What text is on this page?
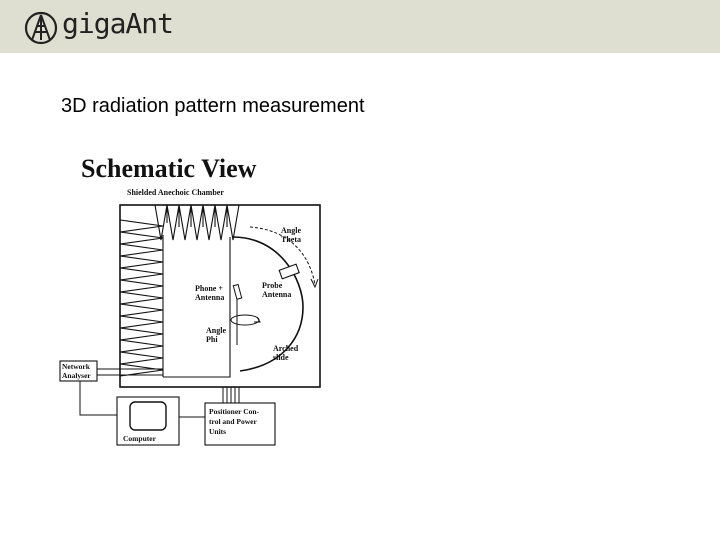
gigaAnt
3D radiation pattern measurement
Schematic View
Shielded Anechoic Chamber
Angle Theta
Phone + Antenna
Probe Antenna
Angle Phi
Arched slide
Network Analyser
Computer
Positioner Con-trol and Power Units
